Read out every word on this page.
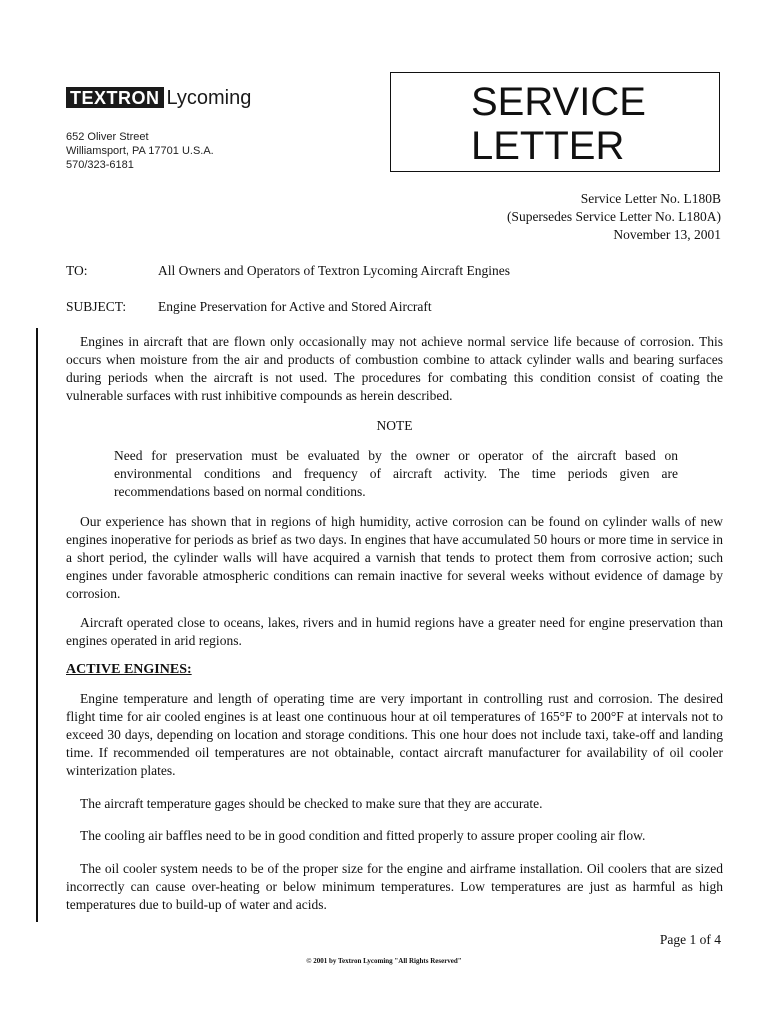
TEXTRON Lycoming
652 Oliver Street
Williamsport, PA 17701 U.S.A.
570/323-6181
SERVICE
LETTER
Service Letter No. L180B
(Supersedes Service Letter No. L180A)
November 13, 2001
TO:	All Owners and Operators of Textron Lycoming Aircraft Engines
SUBJECT: Engine Preservation for Active and Stored Aircraft

Engines in aircraft that are flown only occasionally may not achieve normal service life because of corrosion. This occurs when moisture from the air and products of combustion combine to attack cylinder walls and bearing surfaces during periods when the aircraft is not used. The procedures for combating this condition consist of coating the vulnerable surfaces with rust inhibitive compounds as herein described.

NOTE
Need for preservation must be evaluated by the owner or operator of the aircraft based on environmental conditions and frequency of aircraft activity. The time periods given are recommendations based on normal conditions.

Our experience has shown that in regions of high humidity, active corrosion can be found on cylinder walls of new engines inoperative for periods as brief as two days. In engines that have accumulated 50 hours or more time in service in a short period, the cylinder walls will have acquired a varnish that tends to protect them from corrosive action; such engines under favorable atmospheric conditions can remain inactive for several weeks without evidence of damage by corrosion.

Aircraft operated close to oceans, lakes, rivers and in humid regions have a greater need for engine preservation than engines operated in arid regions.

ACTIVE ENGINES:

Engine temperature and length of operating time are very important in controlling rust and corrosion. The desired flight time for air cooled engines is at least one continuous hour at oil temperatures of 165°F to 200°F at intervals not to exceed 30 days, depending on location and storage conditions. This one hour does not include taxi, take-off and landing time. If recommended oil temperatures are not obtainable, contact aircraft manufacturer for availability of oil cooler winterization plates.

The aircraft temperature gages should be checked to make sure that they are accurate.

The cooling air baffles need to be in good condition and fitted properly to assure proper cooling air flow.

The oil cooler system needs to be of the proper size for the engine and airframe installation. Oil coolers that are sized incorrectly can cause over-heating or below minimum temperatures. Low temperatures are just as harmful as high temperatures due to build-up of water and acids.

Page 1 of 4
© 2001 by Textron Lycoming "All Rights Reserved"
